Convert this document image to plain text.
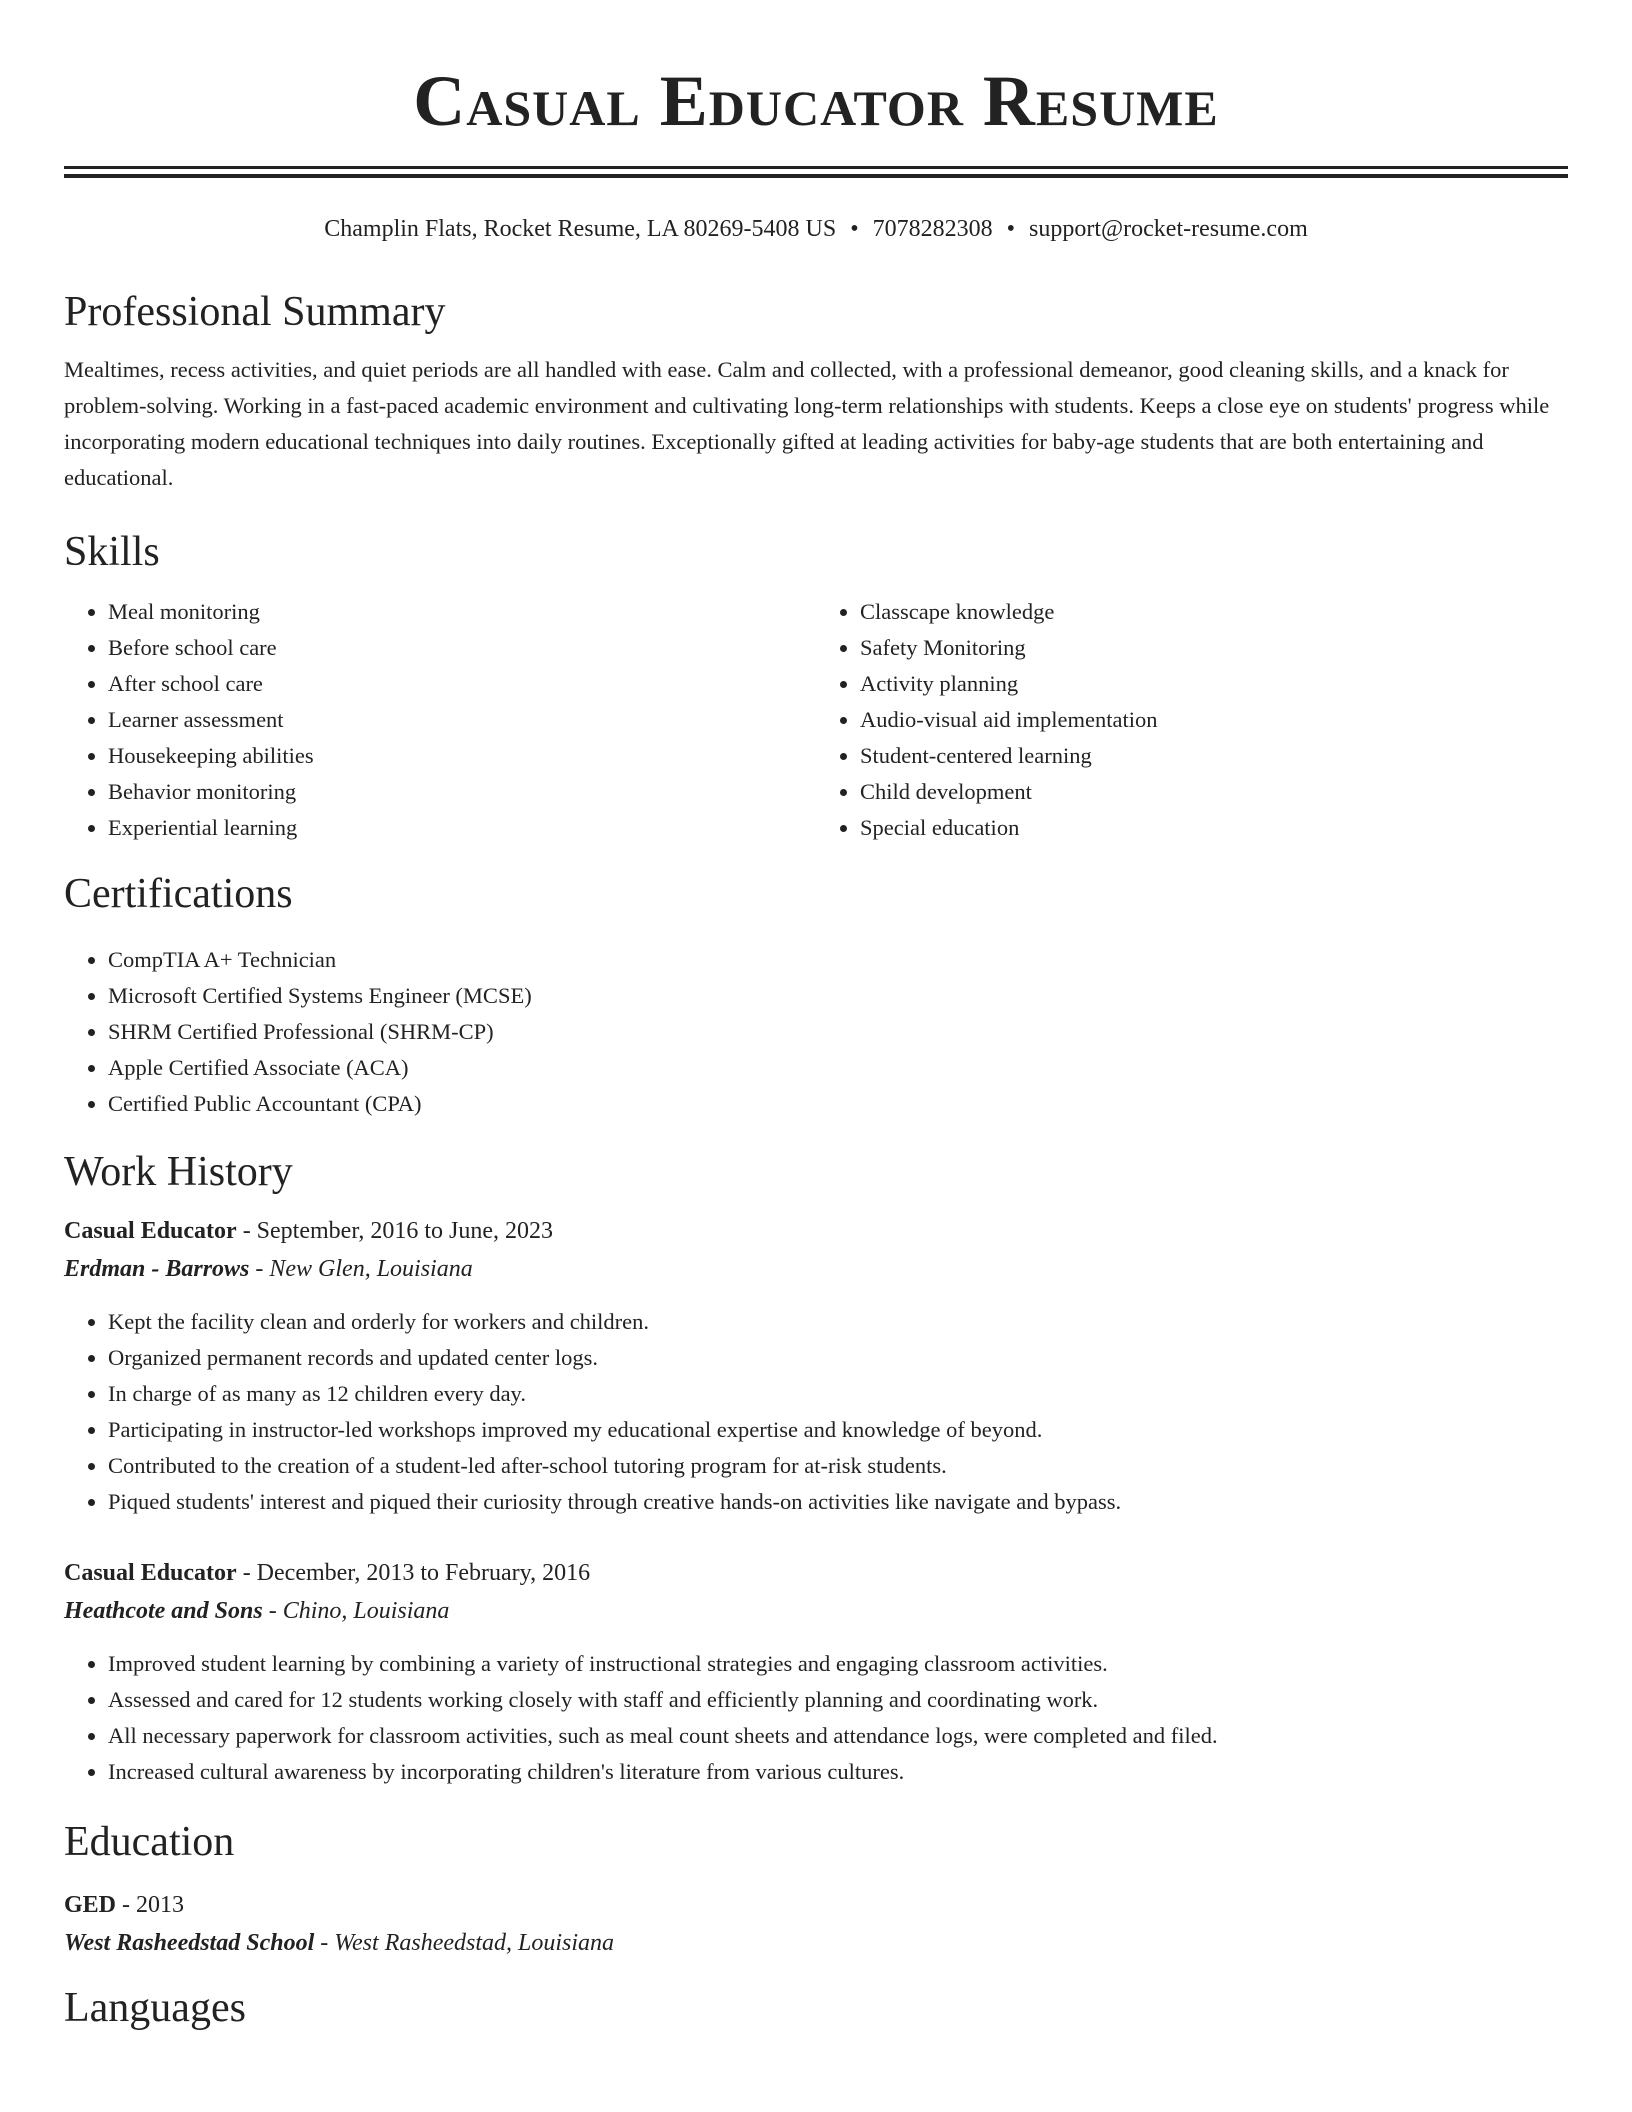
Casual Educator Resume
Champlin Flats, Rocket Resume, LA 80269-5408 US • 7078282308 • support@rocket-resume.com
Professional Summary

Mealtimes, recess activities, and quiet periods are all handled with ease. Calm and collected, with a professional demeanor, good cleaning skills, and a knack for problem-solving. Working in a fast-paced academic environment and cultivating long-term relationships with students. Keeps a close eye on students' progress while incorporating modern educational techniques into daily routines. Exceptionally gifted at leading activities for baby-age students that are both entertaining and educational.

Skills
• Meal monitoring
• Before school care
• After school care
• Learner assessment
• Housekeeping abilities
• Behavior monitoring
• Experiential learning
• Classcape knowledge
• Safety Monitoring
• Activity planning
• Audio-visual aid implementation
• Student-centered learning
• Child development
• Special education
Certifications
• CompTIA A+ Technician
• Microsoft Certified Systems Engineer (MCSE)
• SHRM Certified Professional (SHRM-CP)
• Apple Certified Associate (ACA)
• Certified Public Accountant (CPA)
Work History
Casual Educator - September, 2016 to June, 2023
Erdman - Barrows - New Glen, Louisiana
• Kept the facility clean and orderly for workers and children.
• Organized permanent records and updated center logs.
• In charge of as many as 12 children every day.
• Participating in instructor-led workshops improved my educational expertise and knowledge of beyond.
• Contributed to the creation of a student-led after-school tutoring program for at-risk students.
• Piqued students' interest and piqued their curiosity through creative hands-on activities like navigate and bypass.
Casual Educator - December, 2013 to February, 2016
Heathcote and Sons - Chino, Louisiana
• Improved student learning by combining a variety of instructional strategies and engaging classroom activities.
• Assessed and cared for 12 students working closely with staff and efficiently planning and coordinating work.
• All necessary paperwork for classroom activities, such as meal count sheets and attendance logs, were completed and filed.
• Increased cultural awareness by incorporating children's literature from various cultures.
Education
GED - 2013
West Rasheedstad School - West Rasheedstad, Louisiana
Languages
